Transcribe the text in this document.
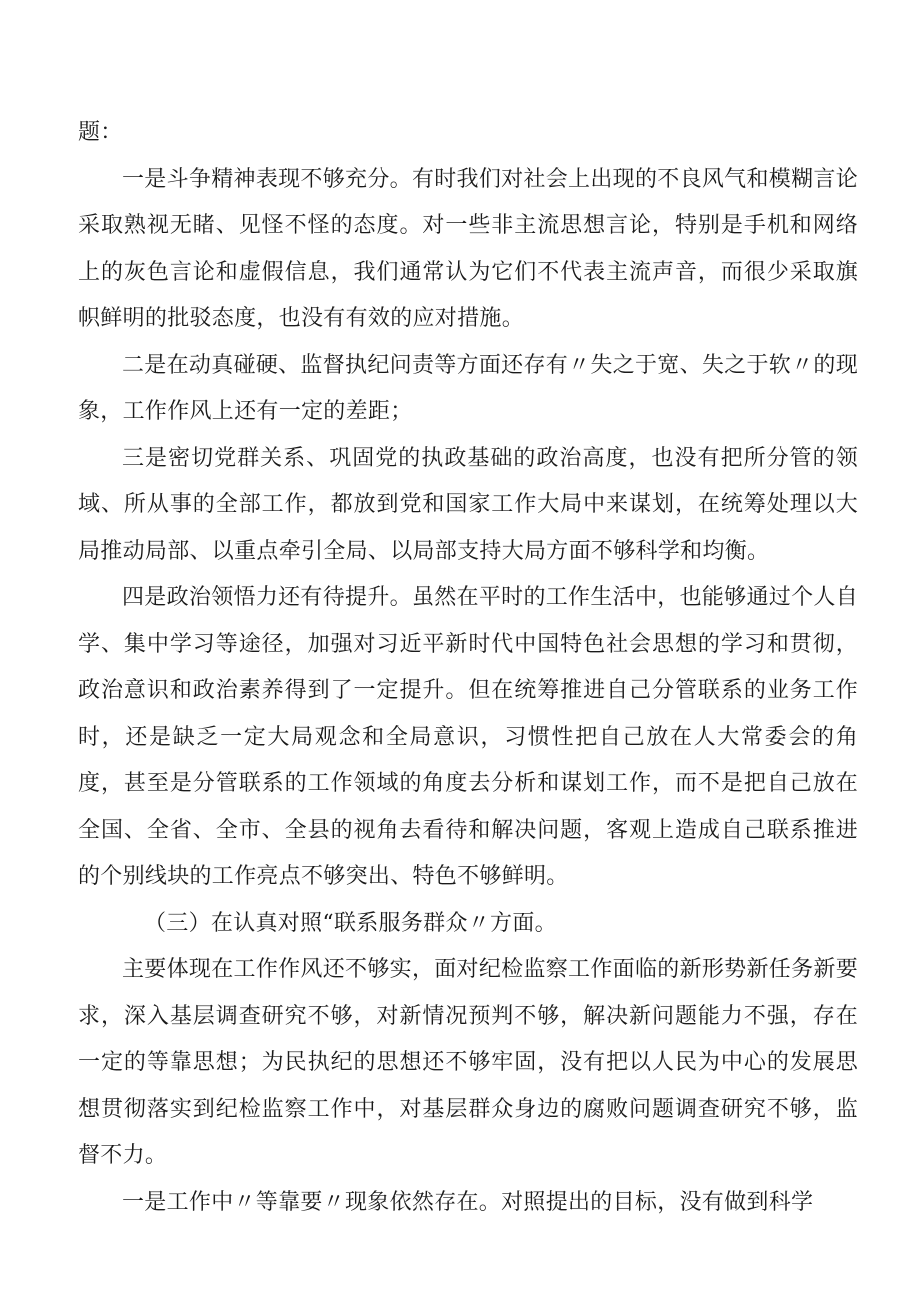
题：

一是斗争精神表现不够充分。有时我们对社会上出现的不良风气和模糊言论采取熟视无睹、见怪不怪的态度。对一些非主流思想言论，特别是手机和网络上的灰色言论和虚假信息，我们通常认为它们不代表主流声音，而很少采取旗帜鲜明的批驳态度，也没有有效的应对措施。

二是在动真碰硬、监督执纪问责等方面还存有〃失之于宽、失之于软〃的现象，工作作风上还有一定的差距；

三是密切党群关系、巩固党的执政基础的政治高度，也没有把所分管的领域、所从事的全部工作，都放到党和国家工作大局中来谋划，在统筹处理以大局推动局部、以重点牵引全局、以局部支持大局方面不够科学和均衡。

四是政治领悟力还有待提升。虽然在平时的工作生活中，也能够通过个人自学、集中学习等途径，加强对习近平新时代中国特色社会思想的学习和贯彻，政治意识和政治素养得到了一定提升。但在统筹推进自己分管联系的业务工作时，还是缺乏一定大局观念和全局意识，习惯性把自己放在人大常委会的角度，甚至是分管联系的工作领域的角度去分析和谋划工作，而不是把自己放在全国、全省、全市、全县的视角去看待和解决问题，客观上造成自己联系推进的个别线块的工作亮点不够突出、特色不够鲜明。

（三）在认真对照“联系服务群众〃方面。

主要体现在工作作风还不够实，面对纪检监察工作面临的新形势新任务新要求，深入基层调查研究不够，对新情况预判不够，解决新问题能力不强，存在一定的等靠思想；为民执纪的思想还不够牢固，没有把以人民为中心的发展思想贯彻落实到纪检监察工作中，对基层群众身边的腐败问题调查研究不够，监督不力。

一是工作中〃等靠要〃现象依然存在。对照提出的目标，没有做到科学
